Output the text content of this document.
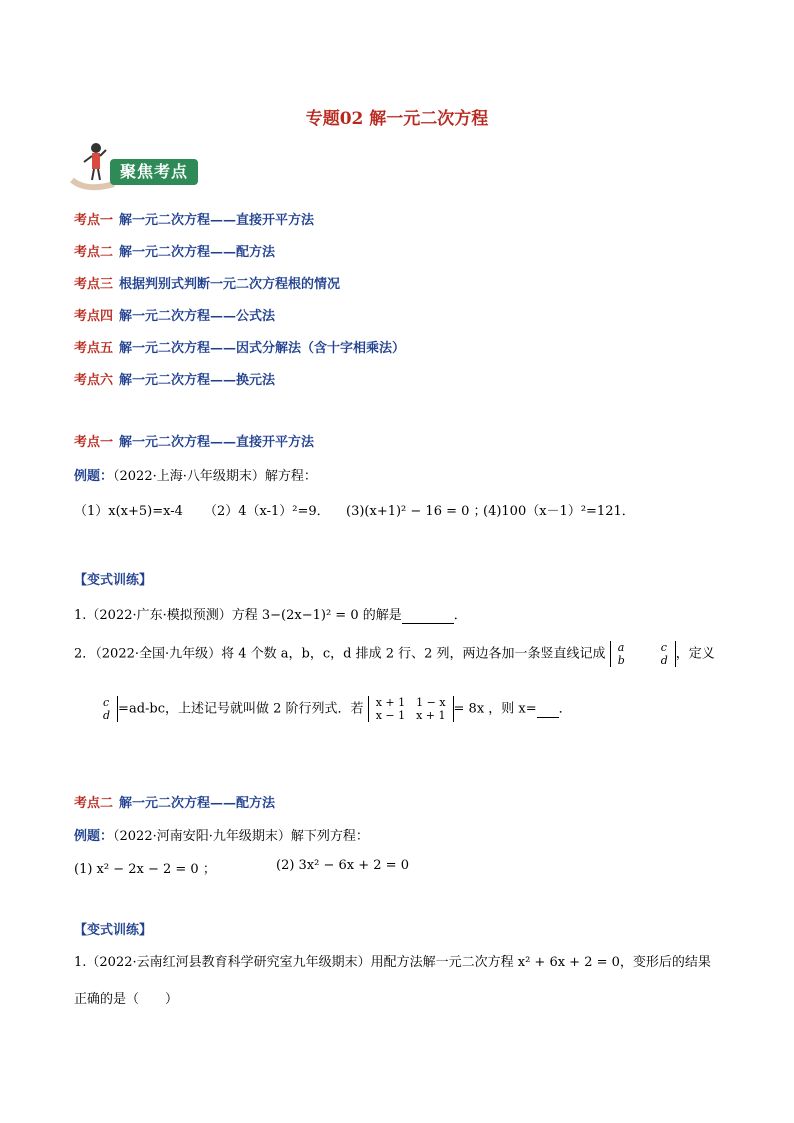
专题02 解一元二次方程
聚焦考点
考点一 解一元二次方程——直接开平方法
考点二 解一元二次方程——配方法
考点三 根据判别式判断一元二次方程根的情况
考点四 解一元二次方程——公式法
考点五 解一元二次方程——因式分解法（含十字相乘法）
考点六 解一元二次方程——换元法
考点一 解一元二次方程——直接开平方法
例题：（2022·上海·八年级期末）解方程：
（1）x(x+5)=x-4 （2）4（x-1）²=9． (3)(x+1)² − 16 = 0 ；
(4)100（x－1）²=121．
【变式训练】
1.（2022·广东·模拟预测）方程 3−(2x−1)² = 0 的解是	．
2．（2022·全国·九年级）将 4 个数 a，b，c，d 排成 2 行、2 列，两边各加一条竖直线记成 a		c
b		d ，定义
c
d =ad-bc，上述记号就叫做 2 阶行列式．若 x + 1	1 − x
x − 1	x + 1 = 8x ，则 x= ．
考点二 解一元二次方程——配方法
例题：（2022·河南安阳·九年级期末）解下列方程：
(1) x² − 2x − 2 = 0 ；	(2) 3x² − 6x + 2 = 0
【变式训练】
1.（2022·云南红河县教育科学研究室九年级期末）用配方法解一元二次方程 x² + 6x + 2 = 0，变形后的结果
正确的是（　　）
